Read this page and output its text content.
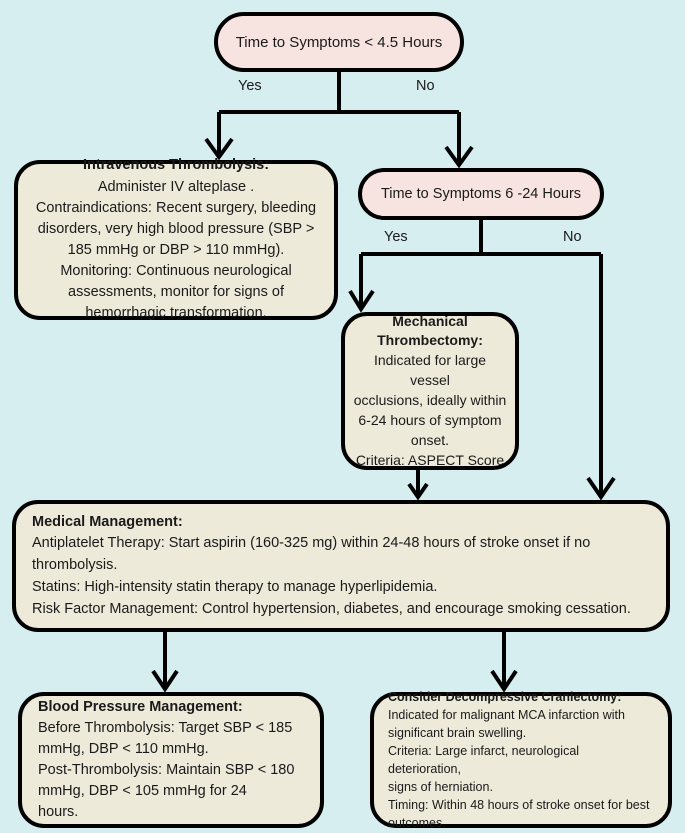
Time to Symptoms < 4.5 Hours
Yes	No
Intravenous Thrombolysis:
Administer IV alteplase .
Contraindications: Recent surgery, bleeding
disorders, very high blood pressure (SBP >
185 mmHg or DBP > 110 mmHg).
Monitoring: Continuous neurological
assessments, monitor for signs of
hemorrhagic transformation.
Time to Symptoms 6 -24 Hours
Yes	No
Mechanical
Thrombectomy:
Indicated for large vessel
occlusions, ideally within
6-24 hours of symptom
onset.
Criteria: ASPECT Score
Medical Management:
Antiplatelet Therapy: Start aspirin (160-325 mg) within 24-48 hours of stroke onset if no
thrombolysis.
Statins: High-intensity statin therapy to manage hyperlipidemia.
Risk Factor Management: Control hypertension, diabetes, and encourage smoking cessation.
Blood Pressure Management:
Before Thrombolysis: Target SBP < 185
mmHg, DBP < 110 mmHg.
Post-Thrombolysis: Maintain SBP < 180
mmHg, DBP < 105 mmHg for 24
hours.
Consider Decompressive Craniectomy:
Indicated for malignant MCA infarction with
significant brain swelling.
Criteria: Large infarct, neurological deterioration,
signs of herniation.
Timing: Within 48 hours of stroke onset for best
outcomes.
